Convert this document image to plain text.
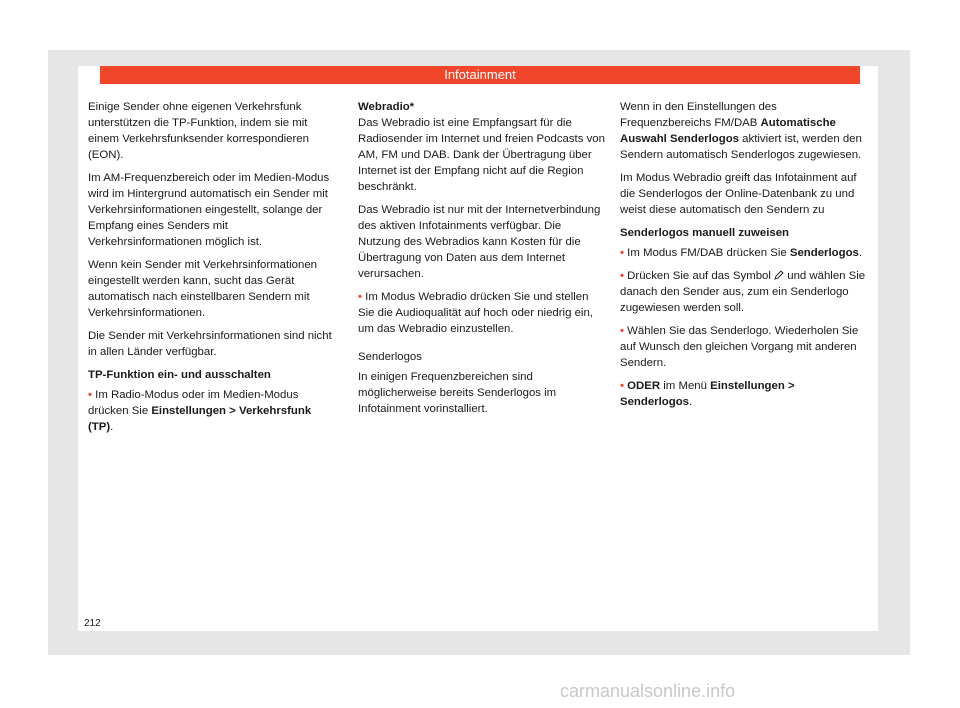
Infotainment

Einige Sender ohne eigenen Verkehrsfunk unterstützen die TP-Funktion, indem sie mit einem Verkehrsfunksender korrespondieren (EON).

Im AM-Frequenzbereich oder im Medien-Modus wird im Hintergrund automatisch ein Sender mit Verkehrsinformationen eingestellt, solange der Empfang eines Senders mit Verkehrsinformationen möglich ist.

Wenn kein Sender mit Verkehrsinformationen eingestellt werden kann, sucht das Gerät automatisch nach einstellbaren Sendern mit Verkehrsinformationen.

Die Sender mit Verkehrsinformationen sind nicht in allen Länder verfügbar.

TP-Funktion ein- und ausschalten

• Im Radio-Modus oder im Medien-Modus drücken Sie Einstellungen > Verkehrsfunk (TP).

Webradio*

Das Webradio ist eine Empfangsart für die Radiosender im Internet und freien Podcasts von AM, FM und DAB. Dank der Übertragung über Internet ist der Empfang nicht auf die Region beschränkt.

Das Webradio ist nur mit der Internetverbindung des aktiven Infotainments verfügbar. Die Nutzung des Webradios kann Kosten für die Übertragung von Daten aus dem Internet verursachen.

• Im Modus Webradio drücken Sie und stellen Sie die Audioqualität auf hoch oder niedrig ein, um das Webradio einzustellen.

Senderlogos

In einigen Frequenzbereichen sind möglicherweise bereits Senderlogos im Infotainment vorinstalliert.

Wenn in den Einstellungen des Frequenzbereichs FM/DAB Automatische Auswahl Senderlogos aktiviert ist, werden den Sendern automatisch Senderlogos zugewiesen.

Im Modus Webradio greift das Infotainment auf die Senderlogos der Online-Datenbank zu und weist diese automatisch den Sendern zu

Senderlogos manuell zuweisen

• Im Modus FM/DAB drücken Sie Senderlogos.

• Drücken Sie auf das Symbol und wählen Sie danach den Sender aus, zum ein Senderlogo zugewiesen werden soll.

• Wählen Sie das Senderlogo. Wiederholen Sie auf Wunsch den gleichen Vorgang mit anderen Sendern.

• ODER im Menü Einstellungen > Senderlogos.

212
carmanualsonline.info
